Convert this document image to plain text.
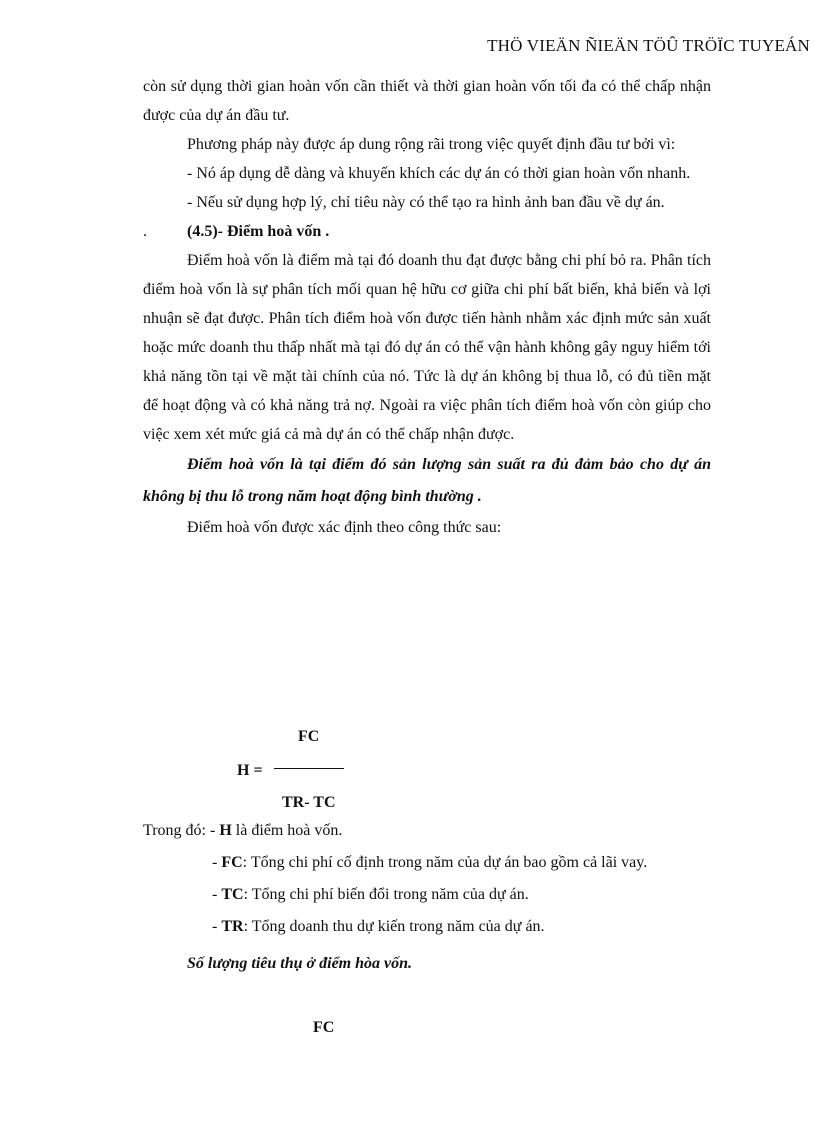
THÖ VIEÄN ÑIEÄN TÖÛ TRÖÏC TUYEÁN

còn sử dụng thời gian hoàn vốn cần thiết và thời gian hoàn vốn tối đa có thể chấp nhận được của dự án đầu tư.

Phương pháp này được áp dung rộng rãi trong việc quyết định đầu tư bởi vì:

- Nó áp dụng dễ dàng và khuyến khích các dự án có thời gian hoàn vốn nhanh.

- Nếu sử dụng hợp lý, chỉ tiêu này có thể tạo ra hình ảnh ban đầu về dự án.

.	(4.5)- Điểm hoà vốn .

Điểm hoà vốn là điểm mà tại đó doanh thu đạt được bằng chi phí bỏ ra. Phân tích điểm hoà vốn là sự phân tích mối quan hệ hữu cơ giữa chi phí bất biến, khả biến và lợi nhuận sẽ đạt được. Phân tích điểm hoà vốn được tiến hành nhằm xác định mức sản xuất hoặc mức doanh thu thấp nhất mà tại đó dự án có thể vận hành không gây nguy hiểm tới khả năng tồn tại về mặt tài chính của nó. Tức là dự án không bị thua lỗ, có đủ tiền mặt để hoạt động và có khả năng trả nợ. Ngoài ra việc phân tích điểm hoà vốn còn giúp cho việc xem xét mức giá cả mà dự án có thể chấp nhận được.

Điểm hoà vốn là tại điểm đó sản lượng sản suất ra đủ đảm bảo cho dự án không bị thu lỗ trong năm hoạt động bình thường .

Điểm hoà vốn được xác định theo công thức sau:

FC
H =
TR- TC
Trong đó: - H là điểm hoà vốn.
- FC: Tổng chi phí cố định trong năm của dự án bao gồm cả lãi vay.
- TC: Tổng chi phí biến đổi trong năm của dự án.
- TR: Tổng doanh thu dự kiến trong năm của dự án.
Số lượng tiêu thụ ở điểm hòa vốn.
FC
